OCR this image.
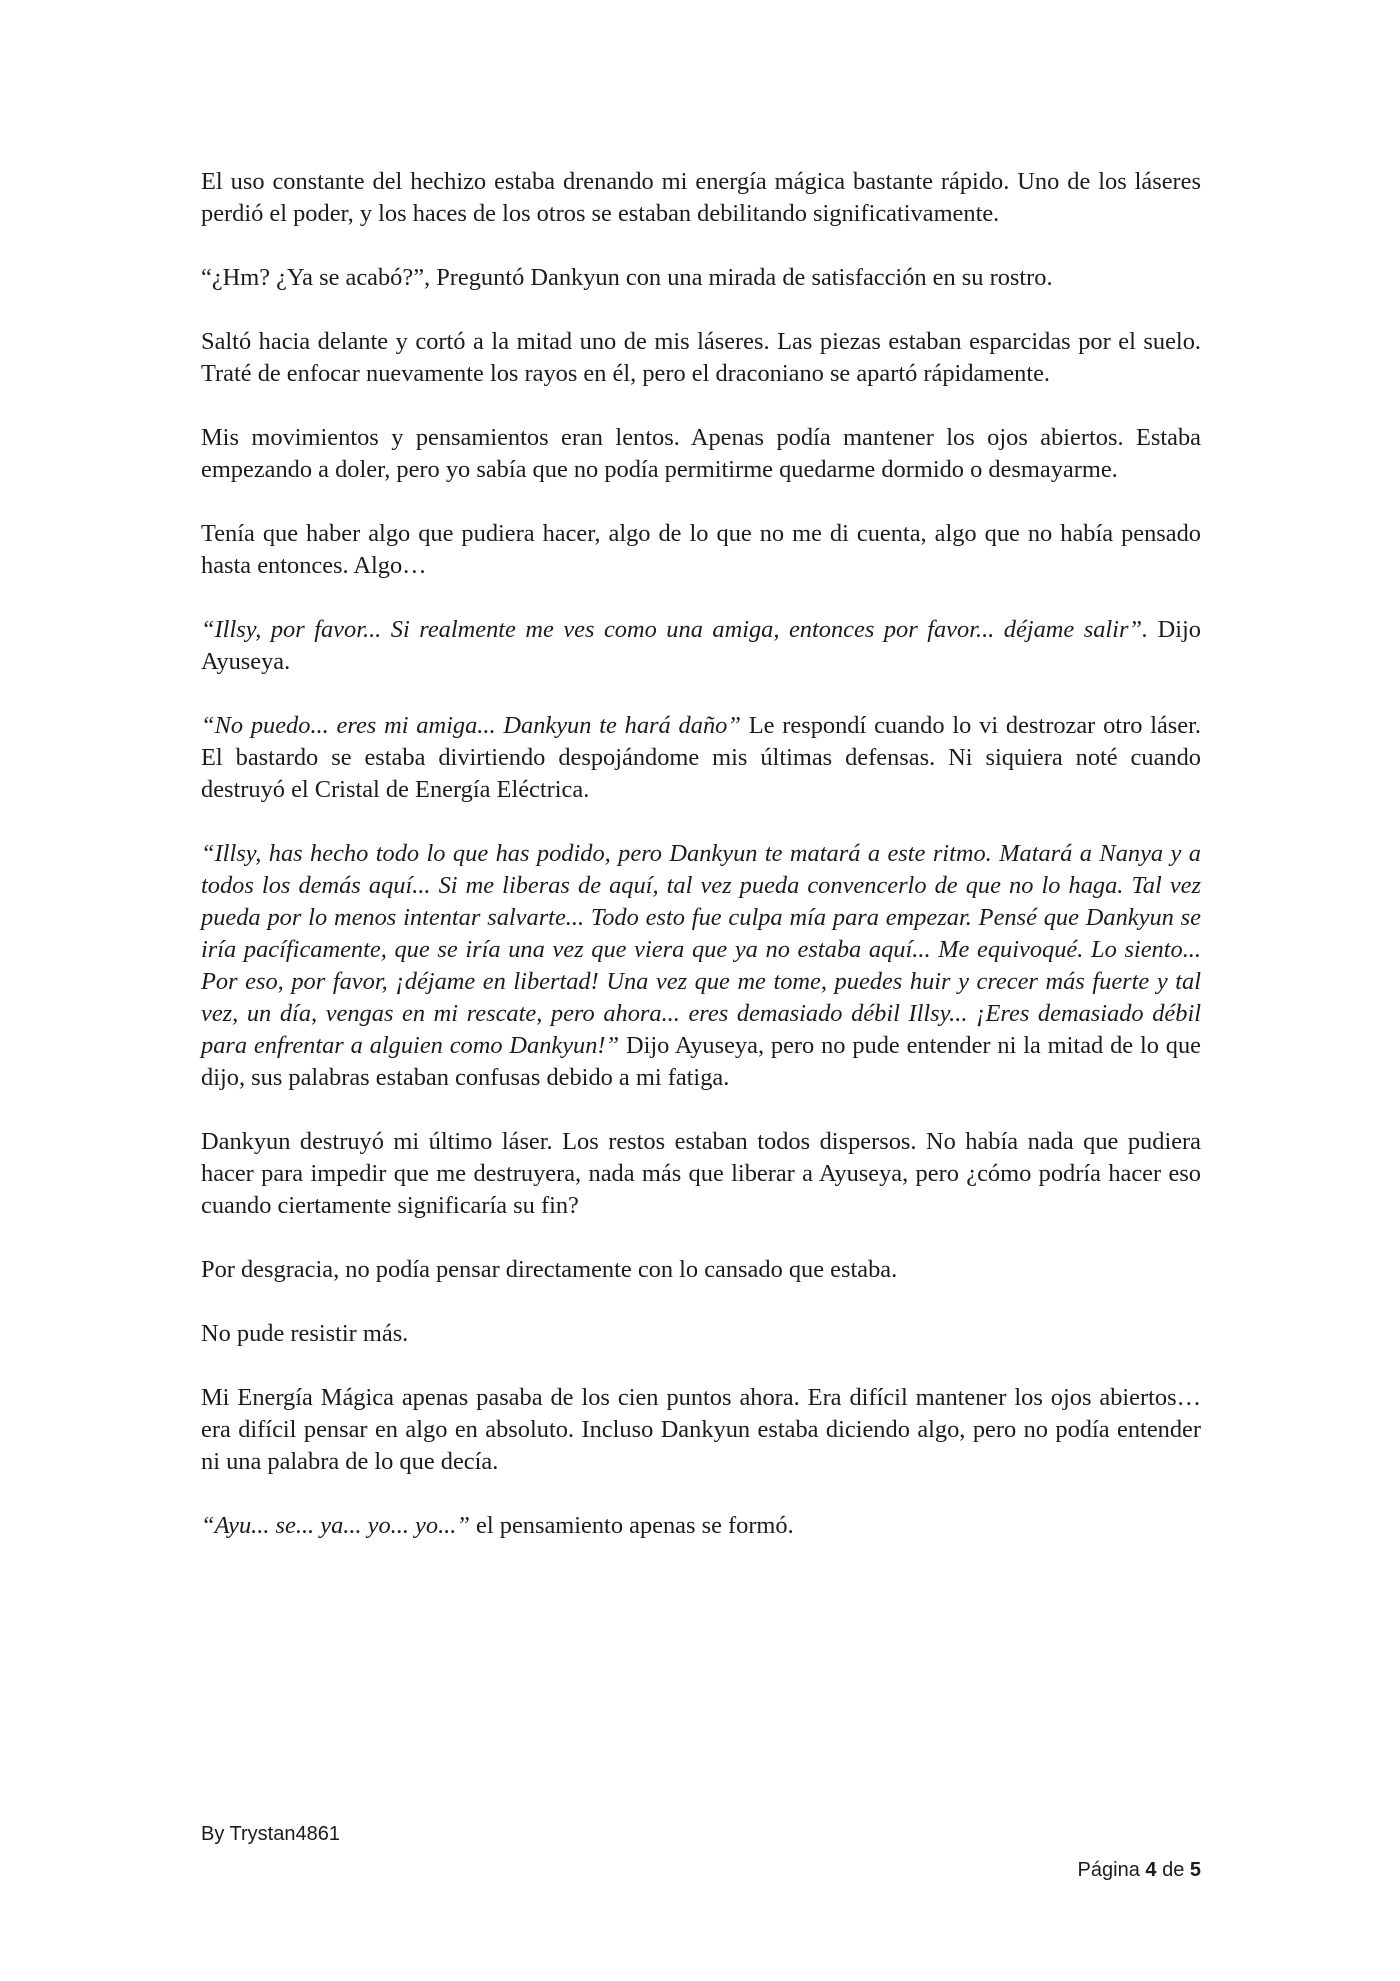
El uso constante del hechizo estaba drenando mi energía mágica bastante rápido. Uno de los láseres perdió el poder, y los haces de los otros se estaban debilitando significativamente.

“¿Hm? ¿Ya se acabó?”, Preguntó Dankyun con una mirada de satisfacción en su rostro.

Saltó hacia delante y cortó a la mitad uno de mis láseres. Las piezas estaban esparcidas por el suelo. Traté de enfocar nuevamente los rayos en él, pero el draconiano se apartó rápidamente.

Mis movimientos y pensamientos eran lentos. Apenas podía mantener los ojos abiertos. Estaba empezando a doler, pero yo sabía que no podía permitirme quedarme dormido o desmayarme.

Tenía que haber algo que pudiera hacer, algo de lo que no me di cuenta, algo que no había pensado hasta entonces. Algo…

“Illsy, por favor... Si realmente me ves como una amiga, entonces por favor... déjame salir”. Dijo Ayuseya.

“No puedo... eres mi amiga... Dankyun te hará daño” Le respondí cuando lo vi destrozar otro láser. El bastardo se estaba divirtiendo despojándome mis últimas defensas. Ni siquiera noté cuando destruyó el Cristal de Energía Eléctrica.

“Illsy, has hecho todo lo que has podido, pero Dankyun te matará a este ritmo. Matará a Nanya y a todos los demás aquí... Si me liberas de aquí, tal vez pueda convencerlo de que no lo haga. Tal vez pueda por lo menos intentar salvarte... Todo esto fue culpa mía para empezar. Pensé que Dankyun se iría pacíficamente, que se iría una vez que viera que ya no estaba aquí... Me equivoqué. Lo siento... Por eso, por favor, ¡déjame en libertad! Una vez que me tome, puedes huir y crecer más fuerte y tal vez, un día, vengas en mi rescate, pero ahora... eres demasiado débil Illsy... ¡Eres demasiado débil para enfrentar a alguien como Dankyun!” Dijo Ayuseya, pero no pude entender ni la mitad de lo que dijo, sus palabras estaban confusas debido a mi fatiga.

Dankyun destruyó mi último láser. Los restos estaban todos dispersos. No había nada que pudiera hacer para impedir que me destruyera, nada más que liberar a Ayuseya, pero ¿cómo podría hacer eso cuando ciertamente significaría su fin?

Por desgracia, no podía pensar directamente con lo cansado que estaba.

No pude resistir más.

Mi Energía Mágica apenas pasaba de los cien puntos ahora. Era difícil mantener los ojos abiertos… era difícil pensar en algo en absoluto. Incluso Dankyun estaba diciendo algo, pero no podía entender ni una palabra de lo que decía.

“Ayu... se... ya... yo... yo...” el pensamiento apenas se formó.

By Trystan4861
Página 4 de 5
